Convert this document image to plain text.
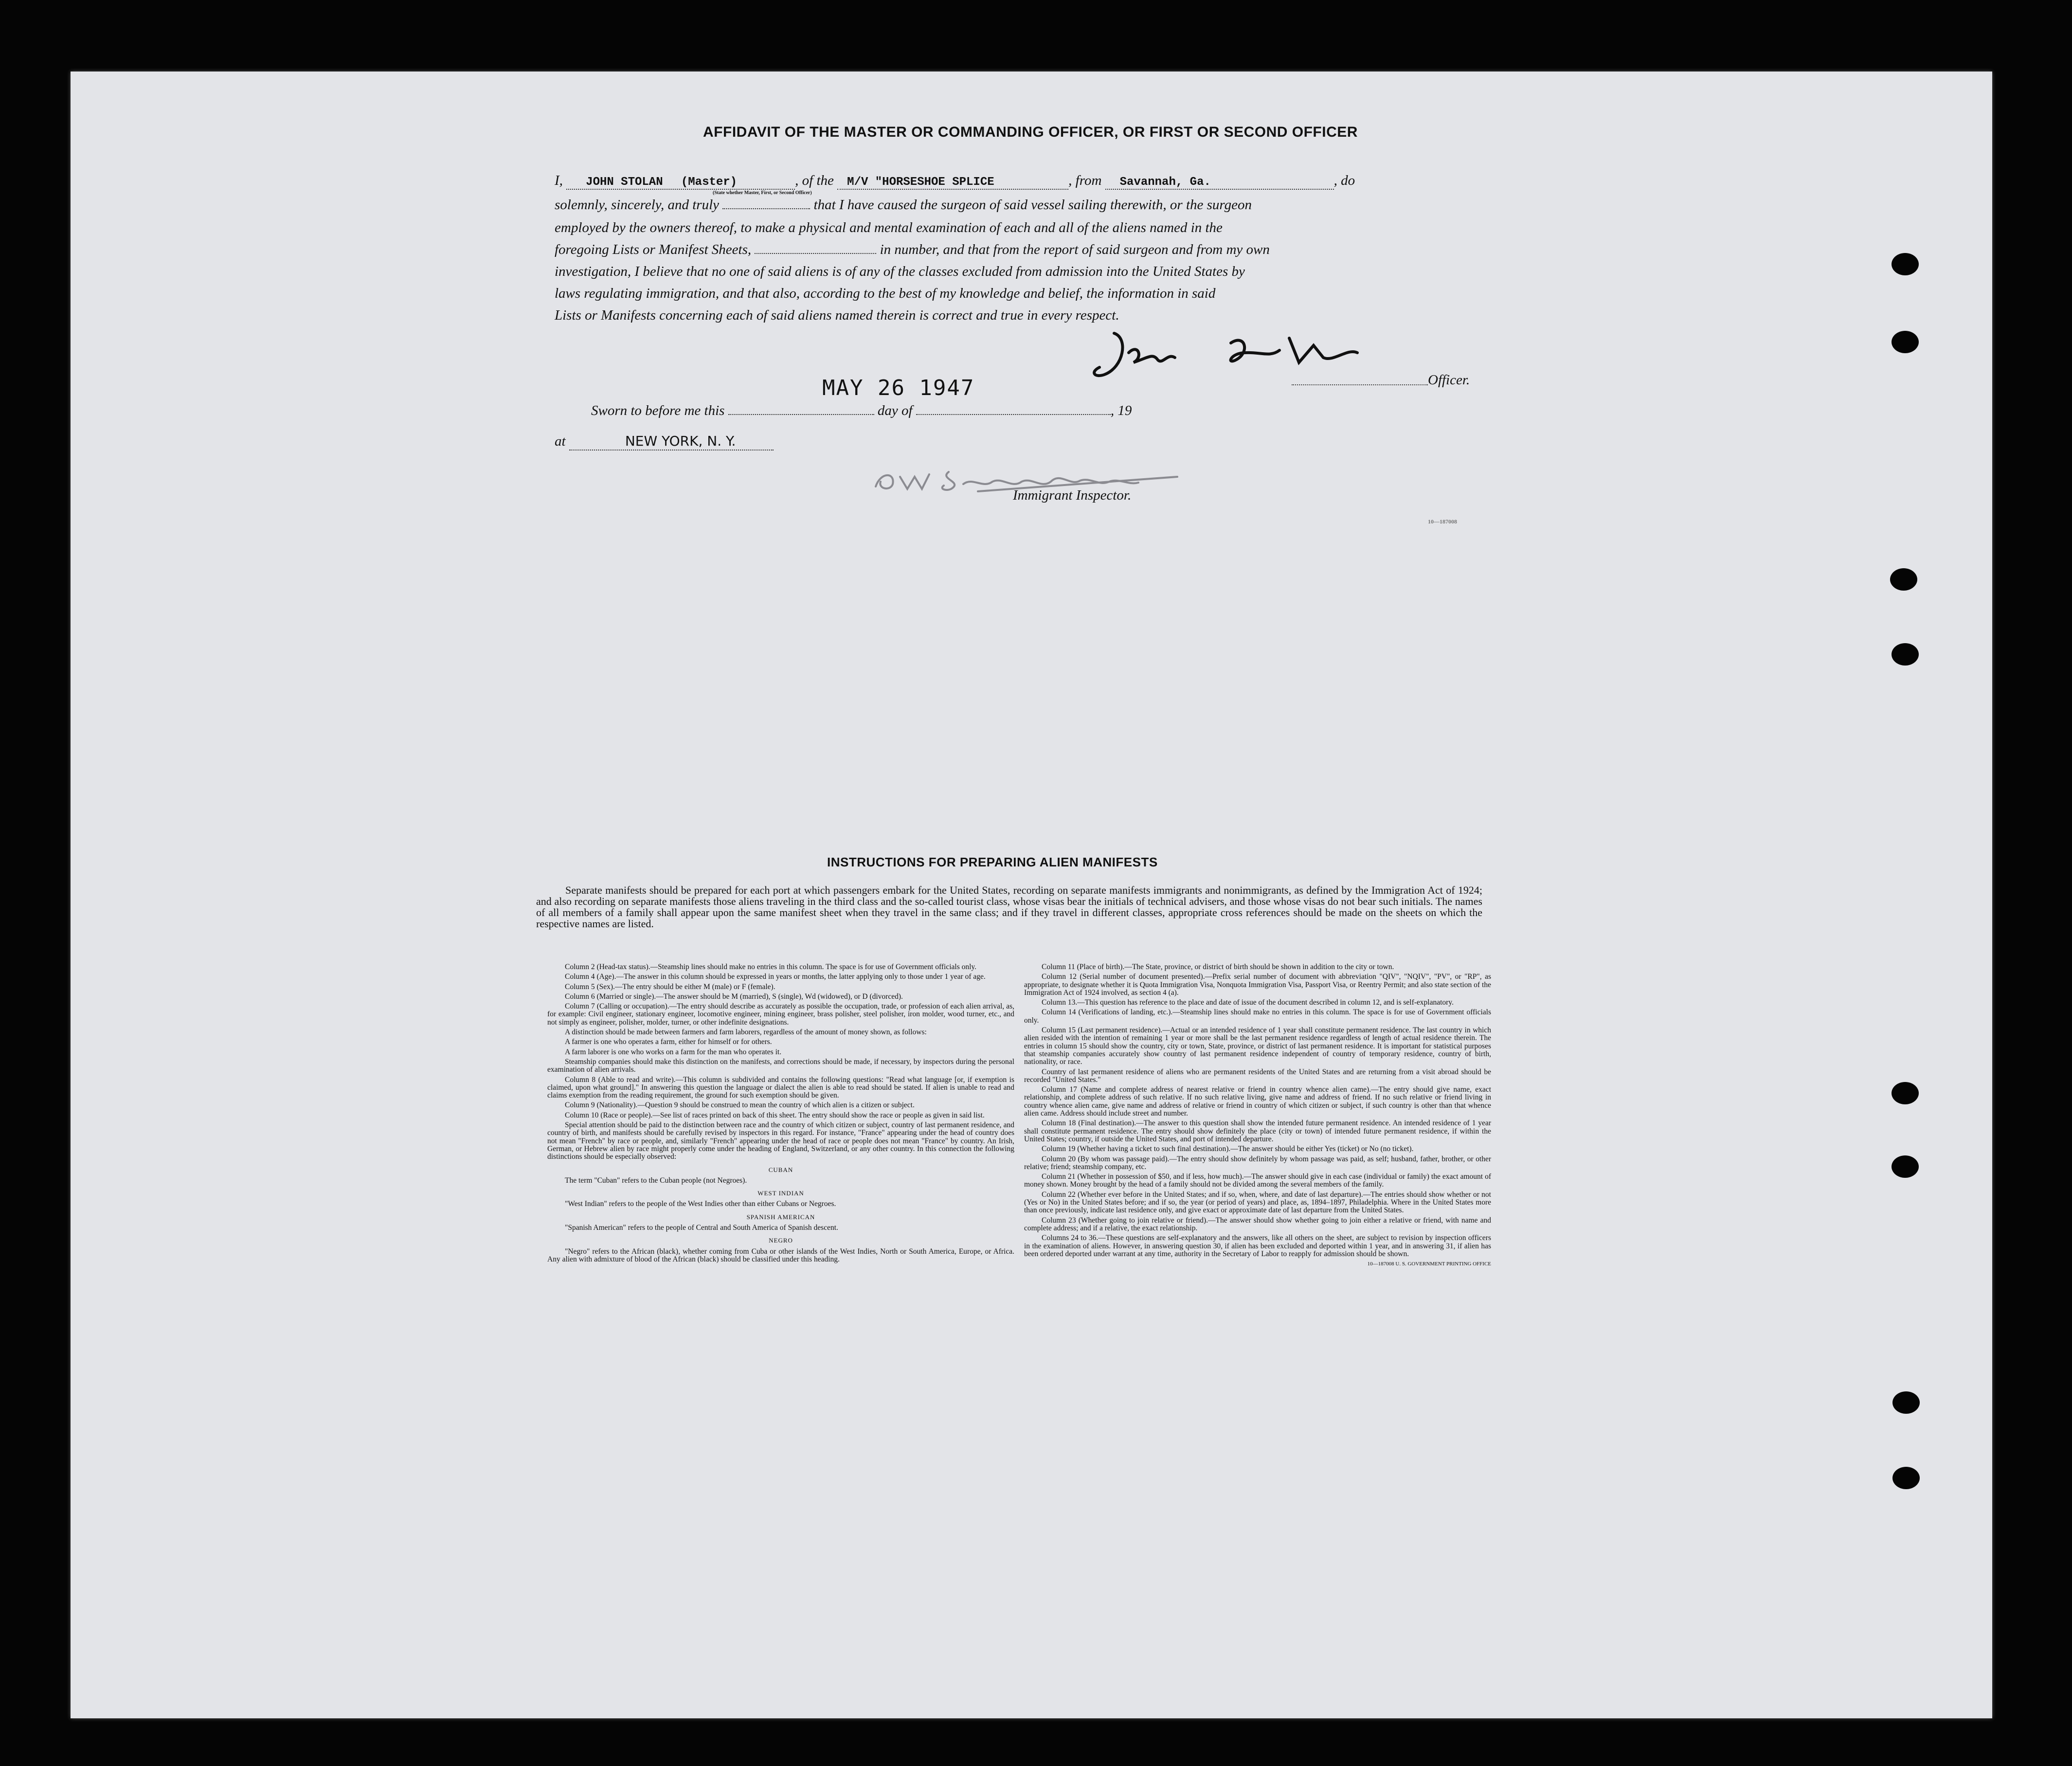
AFFIDAVIT OF THE MASTER OR COMMANDING OFFICER, OR FIRST OR SECOND OFFICER
I, JOHN STOLAN (Master)	, of the M/V "HORSESHOE SPLICE	, from Savannah, Ga.	, do
(State whether Master, First, or Second Officer)
solemnly, sincerely, and truly	that I have caused the surgeon of said vessel sailing therewith, or the surgeon
employed by the owners thereof, to make a physical and mental examination of each and all of the aliens named in the
foregoing Lists or Manifest Sheets,	in number, and that from the report of said surgeon and from my own
investigation, I believe that no one of said aliens is of any of the classes excluded from admission into the United States by
laws regulating immigration, and that also, according to the best of my knowledge and belief, the information in said
Lists or Manifests concerning each of said aliens named therein is correct and true in every respect.
John Stolan	Officer.
MAY 26 1947
Sworn to before me this	day of	, 19
at	NEW YORK, N. Y.
O.W. Schumacher	Immigrant Inspector.
10—187008
INSTRUCTIONS FOR PREPARING ALIEN MANIFESTS
Separate manifests should be prepared for each port at which passengers embark for the United States, recording on separate manifests immigrants and nonimmigrants, as defined by the Immigration Act of 1924; and also recording on separate manifests those aliens traveling in the third class and the so-called tourist class, whose visas bear the initials of technical advisers, and those whose visas do not bear such initials. The names of all members of a family shall appear upon the same manifest sheet when they travel in the same class; and if they travel in different classes, appropriate cross references should be made on the sheets on which the respective names are listed.

Column 2 (Head-tax status).—Steamship lines should make no entries in this column. The space is for use of Government officials only.

Column 4 (Age).—The answer in this column should be expressed in years or months, the latter applying only to those under 1 year of age.

Column 5 (Sex).—The entry should be either M (male) or F (female).

Column 6 (Married or single).—The answer should be M (married), S (single), Wd (widowed), or D (divorced).

Column 7 (Calling or occupation).—The entry should describe as accurately as possible the occupation, trade, or profession of each alien arrival, as, for example: Civil engineer, stationary engineer, locomotive engineer, mining engineer, brass polisher, steel polisher, iron molder, wood turner, etc., and not simply as engineer, polisher, molder, turner, or other indefinite designations.

A distinction should be made between farmers and farm laborers, regardless of the amount of money shown, as follows:

A farmer is one who operates a farm, either for himself or for others.

A farm laborer is one who works on a farm for the man who operates it.

Steamship companies should make this distinction on the manifests, and corrections should be made, if necessary, by inspectors during the personal examination of alien arrivals.

Column 8 (Able to read and write).—This column is subdivided and contains the following questions: "Read what language [or, if exemption is claimed, upon what ground]." In answering this question the language or dialect the alien is able to read should be stated. If alien is unable to read and claims exemption from the reading requirement, the ground for such exemption should be given.

Column 9 (Nationality).—Question 9 should be construed to mean the country of which alien is a citizen or subject.

Column 10 (Race or people).—See list of races printed on back of this sheet. The entry should show the race or people as given in said list.

Special attention should be paid to the distinction between race and the country of which citizen or subject, country of last permanent residence, and country of birth, and manifests should be carefully revised by inspectors in this regard. For instance, "France" appearing under the head of country does not mean "French" by race or people, and, similarly "French" appearing under the head of race or people does not mean "France" by country. An Irish, German, or Hebrew alien by race might properly come under the heading of England, Switzerland, or any other country. In this connection the following distinctions should be especially observed:

CUBAN

The term "Cuban" refers to the Cuban people (not Negroes).

WEST INDIAN

"West Indian" refers to the people of the West Indies other than either Cubans or Negroes.

SPANISH AMERICAN

"Spanish American" refers to the people of Central and South America of Spanish descent.

NEGRO

"Negro" refers to the African (black), whether coming from Cuba or other islands of the West Indies, North or South America, Europe, or Africa. Any alien with admixture of blood of the African (black) should be classified under this heading.

Column 11 (Place of birth).—The State, province, or district of birth should be shown in addition to the city or town.

Column 12 (Serial number of document presented).—Prefix serial number of document with abbreviation "QIV", "NQIV", "PV", or "RP", as appropriate, to designate whether it is Quota Immigration Visa, Nonquota Immigration Visa, Passport Visa, or Reentry Permit; and also state section of the Immigration Act of 1924 involved, as section 4 (a).

Column 13.—This question has reference to the place and date of issue of the document described in column 12, and is self-explanatory.

Column 14 (Verifications of landing, etc.).—Steamship lines should make no entries in this column. The space is for use of Government officials only.

Column 15 (Last permanent residence).—Actual or an intended residence of 1 year shall constitute permanent residence. The last country in which alien resided with the intention of remaining 1 year or more shall be the last permanent residence regardless of length of actual residence therein. The entries in column 15 should show the country, city or town, State, province, or district of last permanent residence. It is important for statistical purposes that steamship companies accurately show country of last permanent residence independent of country of temporary residence, country of birth, nationality, or race.

Country of last permanent residence of aliens who are permanent residents of the United States and are returning from a visit abroad should be recorded "United States."

Column 17 (Name and complete address of nearest relative or friend in country whence alien came).—The entry should give name, exact relationship, and complete address of such relative. If no such relative living, give name and address of friend. If no such relative or friend living in country whence alien came, give name and address of relative or friend in country of which citizen or subject, if such country is other than that whence alien came. Address should include street and number.

Column 18 (Final destination).—The answer to this question shall show the intended future permanent residence. An intended residence of 1 year shall constitute permanent residence. The entry should show definitely the place (city or town) of intended future permanent residence, if within the United States; country, if outside the United States, and port of intended departure.

Column 19 (Whether having a ticket to such final destination).—The answer should be either Yes (ticket) or No (no ticket).

Column 20 (By whom was passage paid).—The entry should show definitely by whom passage was paid, as self; husband, father, brother, or other relative; friend; steamship company, etc.

Column 21 (Whether in possession of $50, and if less, how much).—The answer should give in each case (individual or family) the exact amount of money shown. Money brought by the head of a family should not be divided among the several members of the family.

Column 22 (Whether ever before in the United States; and if so, when, where, and date of last departure).—The entries should show whether or not (Yes or No) in the United States before; and if so, the year (or period of years) and place, as, 1894–1897, Philadelphia. Where in the United States more than once previously, indicate last residence only, and give exact or approximate date of last departure from the United States.

Column 23 (Whether going to join relative or friend).—The answer should show whether going to join either a relative or friend, with name and complete address; and if a relative, the exact relationship.

Columns 24 to 36.—These questions are self-explanatory and the answers, like all others on the sheet, are subject to revision by inspection officers in the examination of aliens. However, in answering question 30, if alien has been excluded and deported within 1 year, and in answering 31, if alien has been ordered deported under warrant at any time, authority in the Secretary of Labor to reapply for admission should be shown.

10—187008 U. S. GOVERNMENT PRINTING OFFICE
